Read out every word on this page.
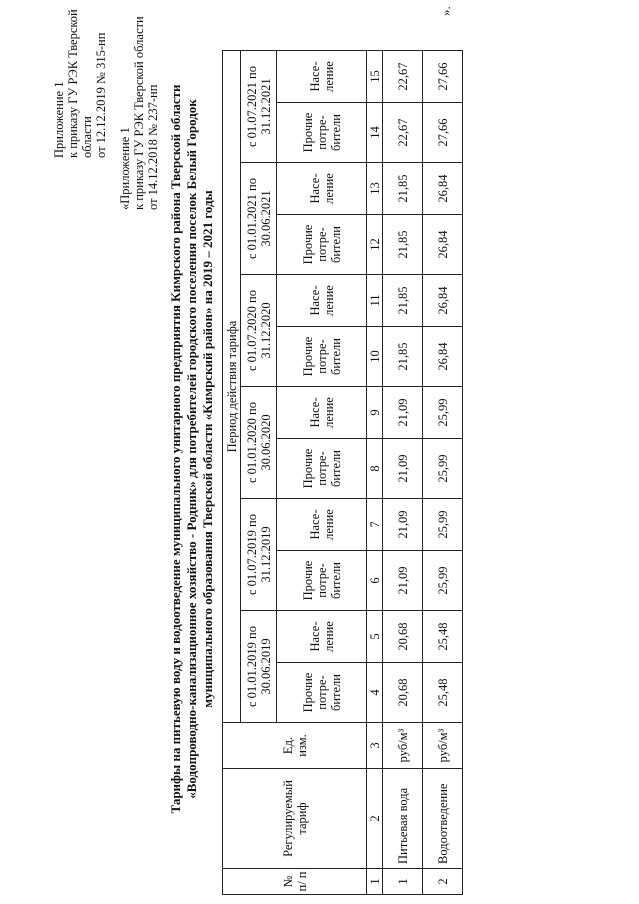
Приложение 1 к приказу ГУ РЭК Тверской области от 12.12.2019 № 315-нп
«Приложение 1 к приказу ГУ РЭК Тверской области от 14.12.2018 № 237-нп Тарифы на питьевую воду и водоотведение муниципального унитарного предприятия Кимрского района Тверской области «Водопроводно-канализационное хозяйство - Родник» для потребителей городского поселения поселок Белый Городок муниципального образования Тверской области «Кимрский район» на 2019 – 2021 годы
№ п/ п	Регулируемый тариф	Ед. изм.	Период действия тарифа											
			с 01.01.2019 по 30.06.2019		с 01.07.2019 по 31.12.2019		с 01.01.2020 по 30.06.2020		с 01.07.2020 по 31.12.2020		с 01.01.2021 по 30.06.2021		с 01.07.2021 по 31.12.2021	
			Прочие потре- бители	Насе- ление	Прочие потре- бители	Насе- ление	Прочие потре- бители	Насе- ление	Прочие потре- бители	Насе- ление	Прочие потре- бители	Насе- ление	Прочие потре- бители	Насе- ление
1	2	3	4	5	6	7	8	9	10	11	12	13	14	15
1	Питьевая вода	руб/м³	20,68	20,68	21,09	21,09	21,09	21,09	21,85	21,85	21,85	21,85	22,67	22,67
2	Водоотведение	руб/м³	25,48	25,48	25,99	25,99	25,99	25,99	26,84	26,84	26,84	26,84	27,66	27,66
».
